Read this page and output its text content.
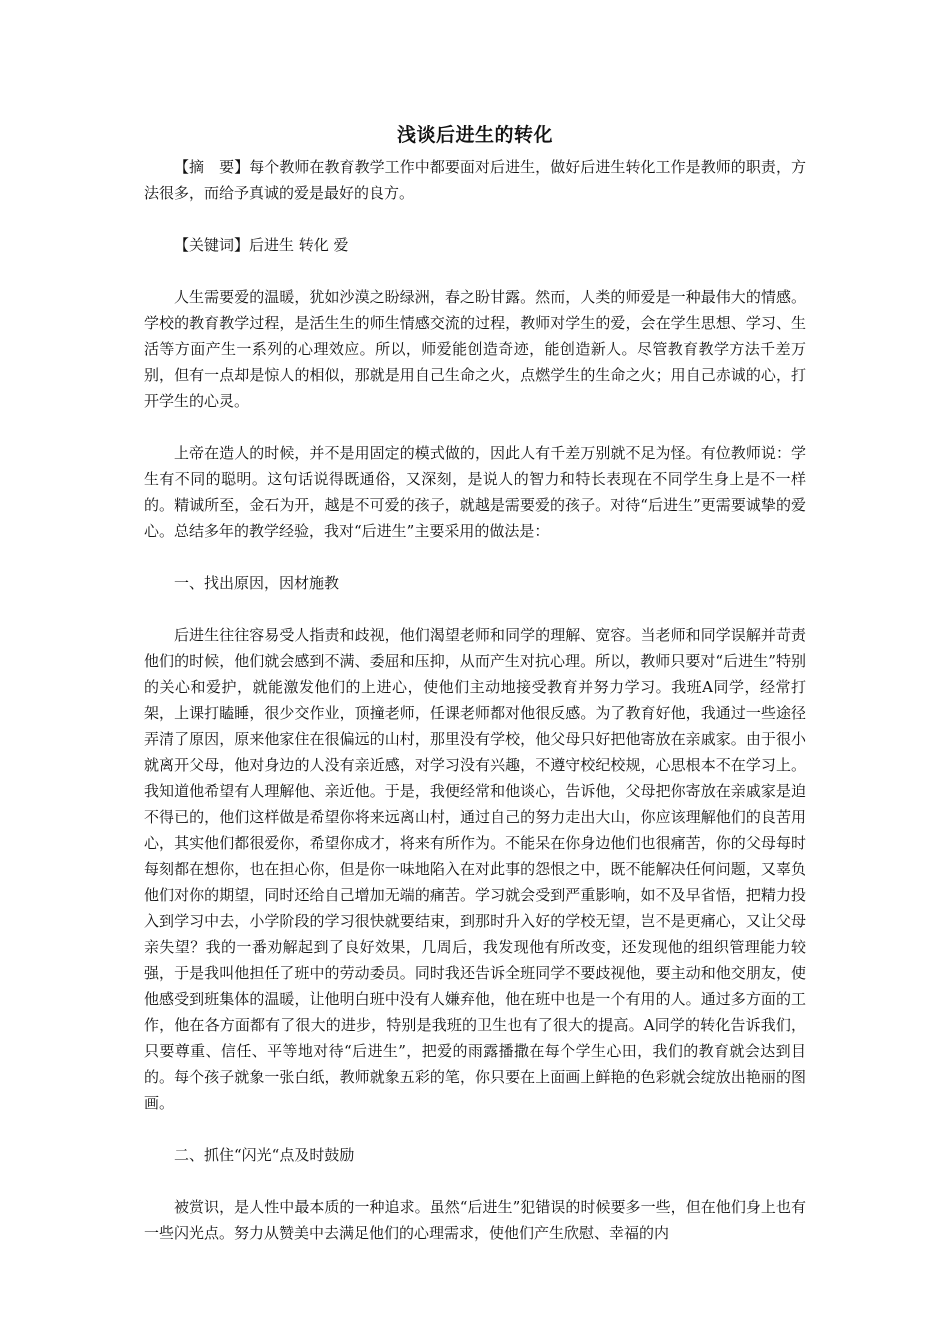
浅谈后进生的转化

【摘　要】每个教师在教育教学工作中都要面对后进生，做好后进生转化工作是教师的职责，方法很多，而给予真诚的爱是最好的良方。

【关键词】后进生 转化 爱

人生需要爱的温暖，犹如沙漠之盼绿洲，春之盼甘露。然而，人类的师爱是一种最伟大的情感。学校的教育教学过程，是活生生的师生情感交流的过程，教师对学生的爱，会在学生思想、学习、生活等方面产生一系列的心理效应。所以，师爱能创造奇迹，能创造新人。尽管教育教学方法千差万别，但有一点却是惊人的相似，那就是用自己生命之火，点燃学生的生命之火；用自己赤诚的心，打开学生的心灵。

上帝在造人的时候，并不是用固定的模式做的，因此人有千差万别就不足为怪。有位教师说：学生有不同的聪明。这句话说得既通俗，又深刻，是说人的智力和特长表现在不同学生身上是不一样的。精诚所至，金石为开，越是不可爱的孩子，就越是需要爱的孩子。对待“后进生”更需要诚挚的爱心。总结多年的教学经验，我对“后进生”主要采用的做法是：

一、找出原因，因材施教

后进生往往容易受人指责和歧视，他们渴望老师和同学的理解、宽容。当老师和同学误解并苛责他们的时候，他们就会感到不满、委屈和压抑，从而产生对抗心理。所以，教师只要对“后进生”特别的关心和爱护，就能激发他们的上进心，使他们主动地接受教育并努力学习。我班A同学，经常打架，上课打瞌睡，很少交作业，顶撞老师，任课老师都对他很反感。为了教育好他，我通过一些途径弄清了原因，原来他家住在很偏远的山村，那里没有学校，他父母只好把他寄放在亲戚家。由于很小就离开父母，他对身边的人没有亲近感，对学习没有兴趣，不遵守校纪校规，心思根本不在学习上。我知道他希望有人理解他、亲近他。于是，我便经常和他谈心，告诉他，父母把你寄放在亲戚家是迫不得已的，他们这样做是希望你将来远离山村，通过自己的努力走出大山，你应该理解他们的良苦用心，其实他们都很爱你，希望你成才，将来有所作为。不能呆在你身边他们也很痛苦，你的父母每时每刻都在想你，也在担心你，但是你一味地陷入在对此事的怨恨之中，既不能解决任何问题，又辜负他们对你的期望，同时还给自己增加无端的痛苦。学习就会受到严重影响，如不及早省悟，把精力投入到学习中去，小学阶段的学习很快就要结束，到那时升入好的学校无望，岂不是更痛心，又让父母亲失望？我的一番劝解起到了良好效果，几周后，我发现他有所改变，还发现他的组织管理能力较强，于是我叫他担任了班中的劳动委员。同时我还告诉全班同学不要歧视他，要主动和他交朋友，使他感受到班集体的温暖，让他明白班中没有人嫌弃他，他在班中也是一个有用的人。通过多方面的工作，他在各方面都有了很大的进步，特别是我班的卫生也有了很大的提高。A同学的转化告诉我们，只要尊重、信任、平等地对待“后进生”，把爱的雨露播撒在每个学生心田，我们的教育就会达到目的。每个孩子就象一张白纸，教师就象五彩的笔，你只要在上面画上鲜艳的色彩就会绽放出艳丽的图画。

二、抓住“闪光“点及时鼓励

被赏识，是人性中最本质的一种追求。虽然“后进生”犯错误的时候要多一些，但在他们身上也有一些闪光点。努力从赞美中去满足他们的心理需求，使他们产生欣慰、幸福的内
